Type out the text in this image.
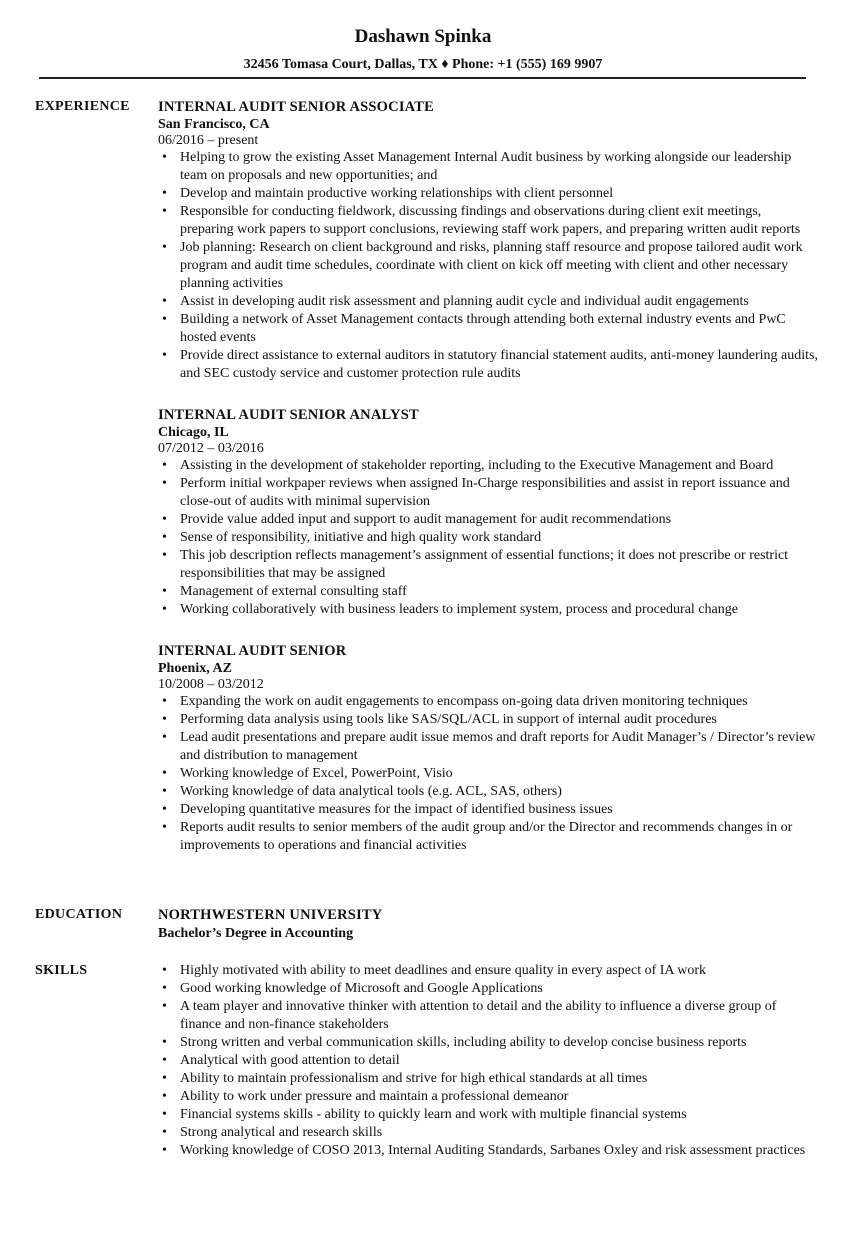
Dashawn Spinka
32456 Tomasa Court, Dallas, TX ♦ Phone: +1 (555) 169 9907
EXPERIENCE INTERNAL AUDIT SENIOR ASSOCIATE
San Francisco, CA
06/2016 – present
• Helping to grow the existing Asset Management Internal Audit business by working alongside our leadership team on proposals and new opportunities; and
• Develop and maintain productive working relationships with client personnel
• Responsible for conducting fieldwork, discussing findings and observations during client exit meetings, preparing work papers to support conclusions, reviewing staff work papers, and preparing written audit reports
• Job planning: Research on client background and risks, planning staff resource and propose tailored audit work program and audit time schedules, coordinate with client on kick off meeting with client and other necessary planning activities
• Assist in developing audit risk assessment and planning audit cycle and individual audit engagements
• Building a network of Asset Management contacts through attending both external industry events and PwC hosted events
• Provide direct assistance to external auditors in statutory financial statement audits, anti-money laundering audits, and SEC custody service and customer protection rule audits
INTERNAL AUDIT SENIOR ANALYST
Chicago, IL
07/2012 – 03/2016
• Assisting in the development of stakeholder reporting, including to the Executive Management and Board
• Perform initial workpaper reviews when assigned In-Charge responsibilities and assist in report issuance and close-out of audits with minimal supervision
• Provide value added input and support to audit management for audit recommendations
• Sense of responsibility, initiative and high quality work standard
• This job description reflects management’s assignment of essential functions; it does not prescribe or restrict responsibilities that may be assigned
• Management of external consulting staff
• Working collaboratively with business leaders to implement system, process and procedural change
INTERNAL AUDIT SENIOR
Phoenix, AZ
10/2008 – 03/2012
• Expanding the work on audit engagements to encompass on-going data driven monitoring techniques
• Performing data analysis using tools like SAS/SQL/ACL in support of internal audit procedures
• Lead audit presentations and prepare audit issue memos and draft reports for Audit Manager’s / Director’s review and distribution to management
• Working knowledge of Excel, PowerPoint, Visio
• Working knowledge of data analytical tools (e.g. ACL, SAS, others)
• Developing quantitative measures for the impact of identified business issues
• Reports audit results to senior members of the audit group and/or the Director and recommends changes in or improvements to operations and financial activities
EDUCATION NORTHWESTERN UNIVERSITY
Bachelor’s Degree in Accounting
SKILLS
•	Highly motivated with ability to meet deadlines and ensure quality in every aspect of IA work
• Good working knowledge of Microsoft and Google Applications
• A team player and innovative thinker with attention to detail and the ability to influence a diverse group of finance and non-finance stakeholders
• Strong written and verbal communication skills, including ability to develop concise business reports
• Analytical with good attention to detail
• Ability to maintain professionalism and strive for high ethical standards at all times
• Ability to work under pressure and maintain a professional demeanor
• Financial systems skills - ability to quickly learn and work with multiple financial systems
• Strong analytical and research skills
• Working knowledge of COSO 2013, Internal Auditing Standards, Sarbanes Oxley and risk assessment practices
